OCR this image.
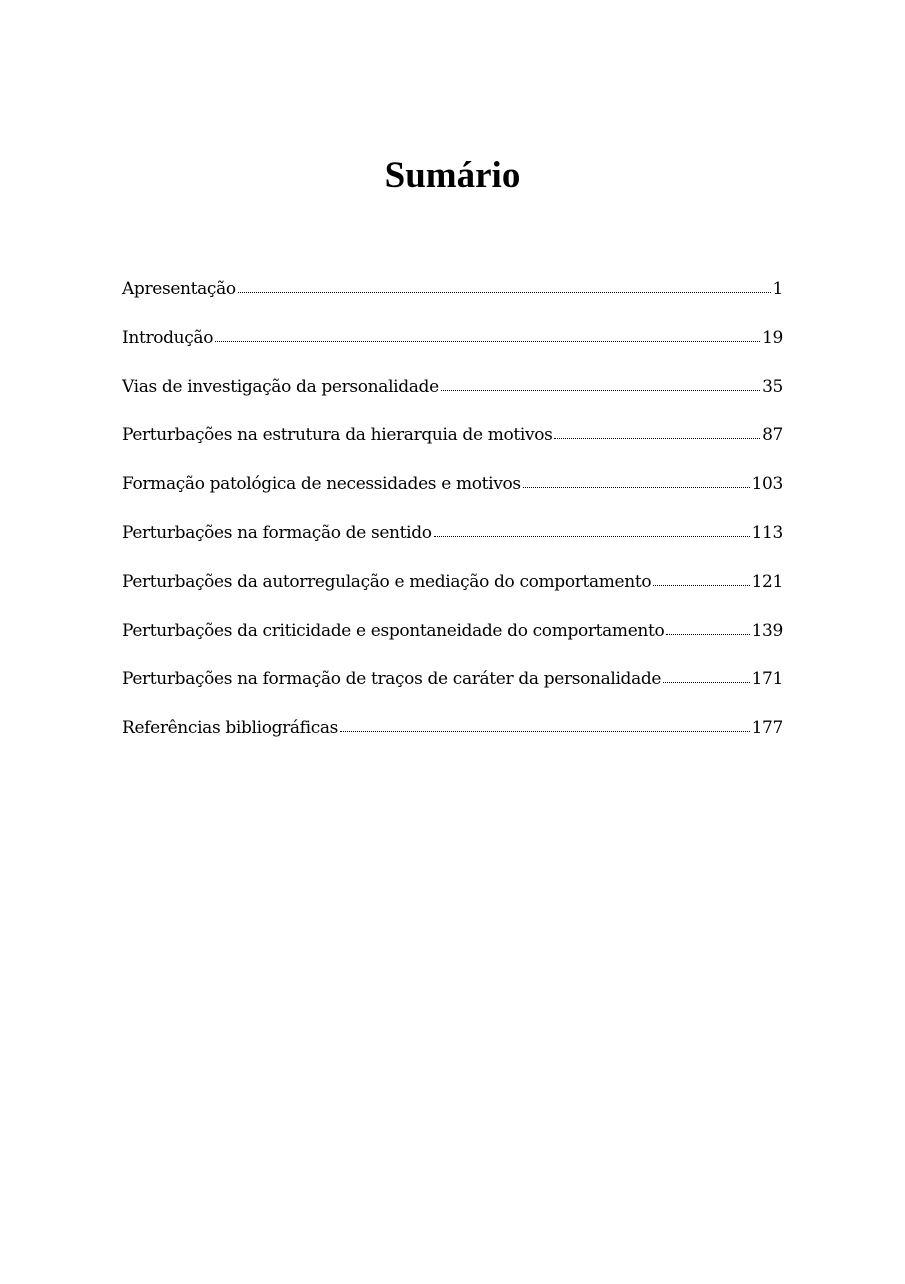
Sumário
Apresentação	1
Introdução	19
Vias de investigação da personalidade	35
Perturbações na estrutura da hierarquia de motivos	87
Formação patológica de necessidades e motivos	103
Perturbações na formação de sentido	113
Perturbações da autorregulação e mediação do comportamento	121
Perturbações da criticidade e espontaneidade do comportamento	139
Perturbações na formação de traços de caráter da personalidade	171
Referências bibliográficas	177
